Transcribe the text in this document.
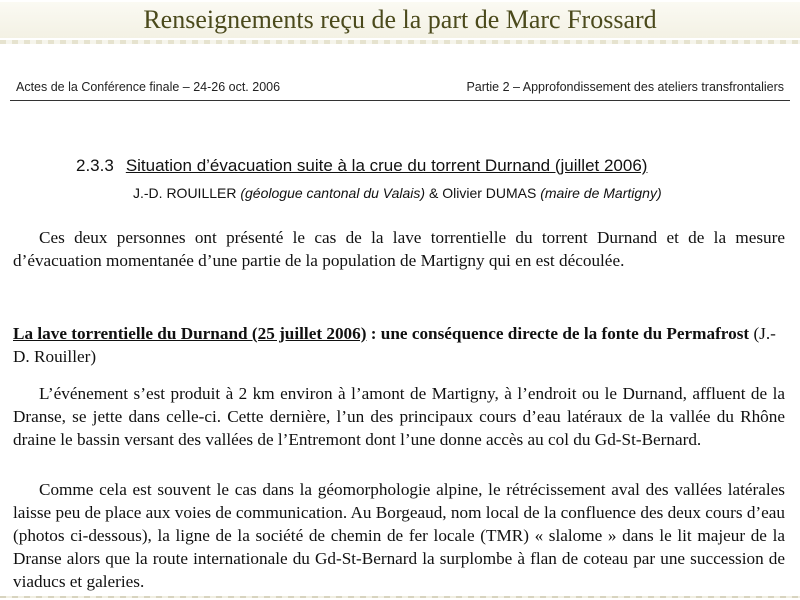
Renseignements reçu de la part de Marc Frossard
Actes de la Conférence finale – 24-26 oct. 2006	Partie 2 – Approfondissement des ateliers transfrontaliers
2.3.3 Situation d’évacuation suite à la crue du torrent Durnand (juillet 2006)
J.-D. ROUILLER (géologue cantonal du Valais) & Olivier DUMAS (maire de Martigny)

Ces deux personnes ont présenté le cas de la lave torrentielle du torrent Durnand et de la mesure d’évacuation momentanée d’une partie de la population de Martigny qui en est découlée.

La lave torrentielle du Durnand (25 juillet 2006) : une conséquence directe de la fonte du Permafrost (J.-D. Rouiller)

L’événement s’est produit à 2 km environ à l’amont de Martigny, à l’endroit ou le Durnand, affluent de la Dranse, se jette dans celle-ci. Cette dernière, l’un des principaux cours d’eau latéraux de la vallée du Rhône draine le bassin versant des vallées de l’Entremont dont l’une donne accès au col du Gd-St-Bernard.

Comme cela est souvent le cas dans la géomorphologie alpine, le rétrécissement aval des vallées latérales laisse peu de place aux voies de communication. Au Borgeaud, nom local de la confluence des deux cours d’eau (photos ci-dessous), la ligne de la société de chemin de fer locale (TMR) « slalome » dans le lit majeur de la Dranse alors que la route internationale du Gd-St-Bernard la surplombe à flan de coteau par une succession de viaducs et galeries.
